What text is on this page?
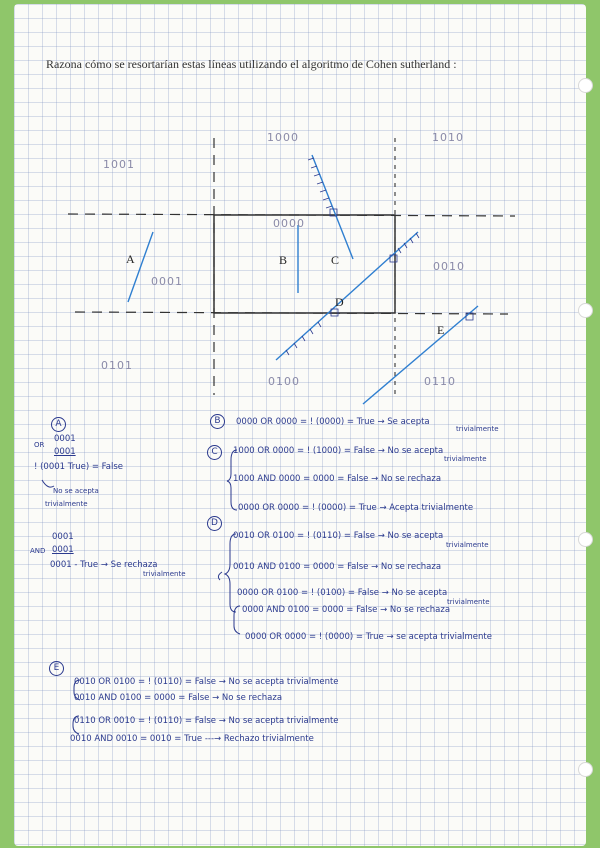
Razona cómo se resortarían estas líneas utilizando el algoritmo de Cohen sutherland :
1001
1000	1010
0000
0001
0010
0101
0100	0110
A	B	C
D
E
A
OR
0001
0001
! (0001 True) = False
No se acepta
trivialmente
AND
0001
0001
0001 - True → Se rechaza
trivialmente
B	0000 OR 0000 = ! (0000) = True → Se acepta
trivialmente
C	1000 OR 0000 = ! (1000) = False → No se acepta
trivialmente
1000 AND 0000 = 0000 = False → No se rechaza
0000 OR 0000 = ! (0000) = True → Acepta trivialmente
D
0010 OR 0100 = ! (0110) = False → No se acepta
trivialmente
0010 AND 0100 = 0000 = False → No se rechaza
0000 OR 0100 = ! (0100) = False → No se acepta
trivialmente
0000 AND 0100 = 0000 = False → No se rechaza
0000 OR 0000 = ! (0000) = True → se acepta trivialmente
E
0010 OR 0100 = ! (0110) = False → No se acepta trivialmente
0010 AND 0100 = 0000 = False → No se rechaza
0110 OR 0010 = ! (0110) = False → No se acepta trivialmente
0010 AND 0010 = 0010 = True ---→ Rechazo trivialmente
